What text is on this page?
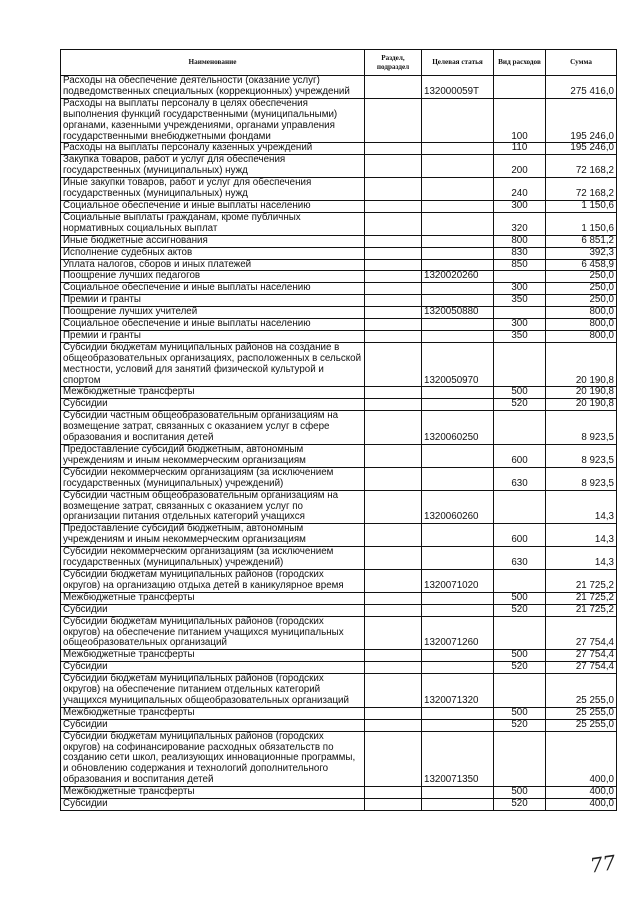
Наименование	Раздел, подраздел	Целевая статья	Вид расходов	Сумма
Расходы на обеспечение деятельности (оказание услуг) подведомственных специальных (коррекционных) учреждений		132000059Т		275 416,0
Расходы на выплаты персоналу в целях обеспечения выполнения функций государственными (муниципальными) органами, казенными учреждениями, органами управления государственными внебюджетными фондами			100	195 246,0
Расходы на выплаты персоналу казенных учреждений			110	195 246,0
Закупка товаров, работ и услуг для обеспечения государственных (муниципальных) нужд			200	72 168,2
Иные закупки товаров, работ и услуг для обеспечения государственных (муниципальных) нужд			240	72 168,2
Социальное обеспечение и иные выплаты населению			300	1 150,6
Социальные выплаты гражданам, кроме публичных нормативных социальных выплат			320	1 150,6
Иные бюджетные ассигнования			800	6 851,2
Исполнение судебных актов			830	392,3
Уплата налогов, сборов и иных платежей			850	6 458,9
Поощрение лучших педагогов		1320020260		250,0
Социальное обеспечение и иные выплаты населению			300	250,0
Премии и гранты			350	250,0
Поощрение лучших учителей		1320050880		800,0
Социальное обеспечение и иные выплаты населению			300	800,0
Премии и гранты			350	800,0
Субсидии бюджетам муниципальных районов на создание в общеобразовательных организациях, расположенных в сельской местности, условий для занятий физической культурой и спортом		1320050970		20 190,8
Межбюджетные трансферты			500	20 190,8
Субсидии			520	20 190,8
Субсидии частным общеобразовательным организациям на возмещение затрат, связанных с оказанием услуг в сфере образования и воспитания детей		1320060250		8 923,5
Предоставление субсидий бюджетным, автономным учреждениям и иным некоммерческим организациям			600	8 923,5
Субсидии некоммерческим организациям (за исключением государственных (муниципальных) учреждений)			630	8 923,5
Субсидии частным общеобразовательным организациям на возмещение затрат, связанных с оказанием услуг по организации питания отдельных категорий учащихся		1320060260		14,3
Предоставление субсидий бюджетным, автономным учреждениям и иным некоммерческим организациям			600	14,3
Субсидии некоммерческим организациям (за исключением государственных (муниципальных) учреждений)			630	14,3
Субсидии бюджетам муниципальных районов (городских округов) на организацию отдыха детей в каникулярное время		1320071020		21 725,2
Межбюджетные трансферты			500	21 725,2
Субсидии			520	21 725,2
Субсидии бюджетам муниципальных районов (городских округов) на обеспечение питанием учащихся муниципальных общеобразовательных организаций		1320071260		27 754,4
Межбюджетные трансферты			500	27 754,4
Субсидии			520	27 754,4
Субсидии бюджетам муниципальных районов (городских округов) на обеспечение питанием отдельных категорий учащихся муниципальных общеобразовательных организаций		1320071320		25 255,0
Межбюджетные трансферты			500	25 255,0
Субсидии			520	25 255,0
Субсидии бюджетам муниципальных районов (городских округов) на софинансирование расходных обязательств по созданию сети школ, реализующих инновационные программы, и обновлению содержания и технологий дополнительного образования и воспитания детей		1320071350		400,0
Межбюджетные трансферты			500	400,0
Субсидии			520	400,0
77
